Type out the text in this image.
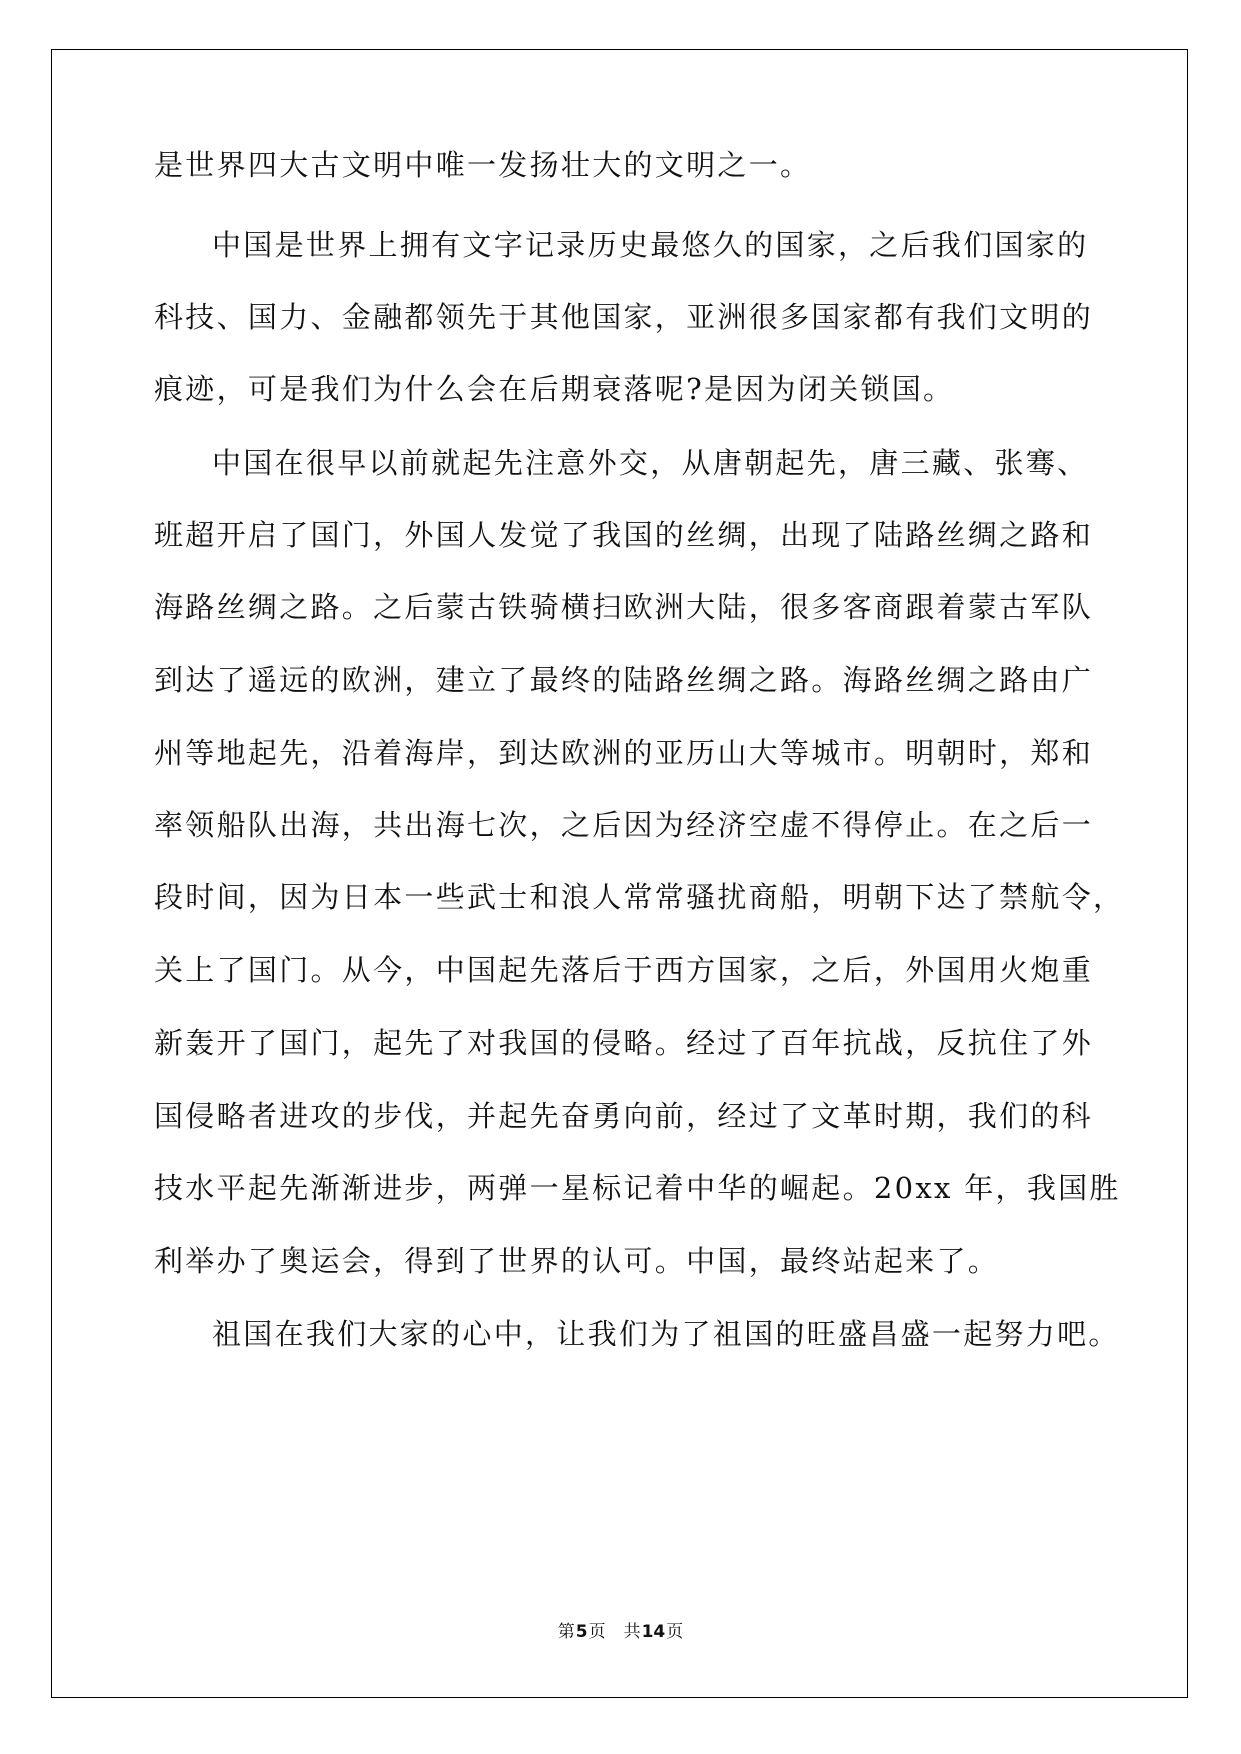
是世界四大古文明中唯一发扬壮大的文明之一。

中国是世界上拥有文字记录历史最悠久的国家，之后我们国家的

科技、国力、金融都领先于其他国家，亚洲很多国家都有我们文明的

痕迹，可是我们为什么会在后期衰落呢?是因为闭关锁国。

中国在很早以前就起先注意外交，从唐朝起先，唐三藏、张骞、

班超开启了国门，外国人发觉了我国的丝绸，出现了陆路丝绸之路和

海路丝绸之路。之后蒙古铁骑横扫欧洲大陆，很多客商跟着蒙古军队

到达了遥远的欧洲，建立了最终的陆路丝绸之路。海路丝绸之路由广

州等地起先，沿着海岸，到达欧洲的亚历山大等城市。明朝时，郑和

率领船队出海，共出海七次，之后因为经济空虚不得停止。在之后一

段时间，因为日本一些武士和浪人常常骚扰商船，明朝下达了禁航令，

关上了国门。从今，中国起先落后于西方国家，之后，外国用火炮重

新轰开了国门，起先了对我国的侵略。经过了百年抗战，反抗住了外

国侵略者进攻的步伐，并起先奋勇向前，经过了文革时期，我们的科

技水平起先渐渐进步，两弹一星标记着中华的崛起。20xx 年，我国胜

利举办了奥运会，得到了世界的认可。中国，最终站起来了。

祖国在我们大家的心中，让我们为了祖国的旺盛昌盛一起努力吧。

第5页 共14页
